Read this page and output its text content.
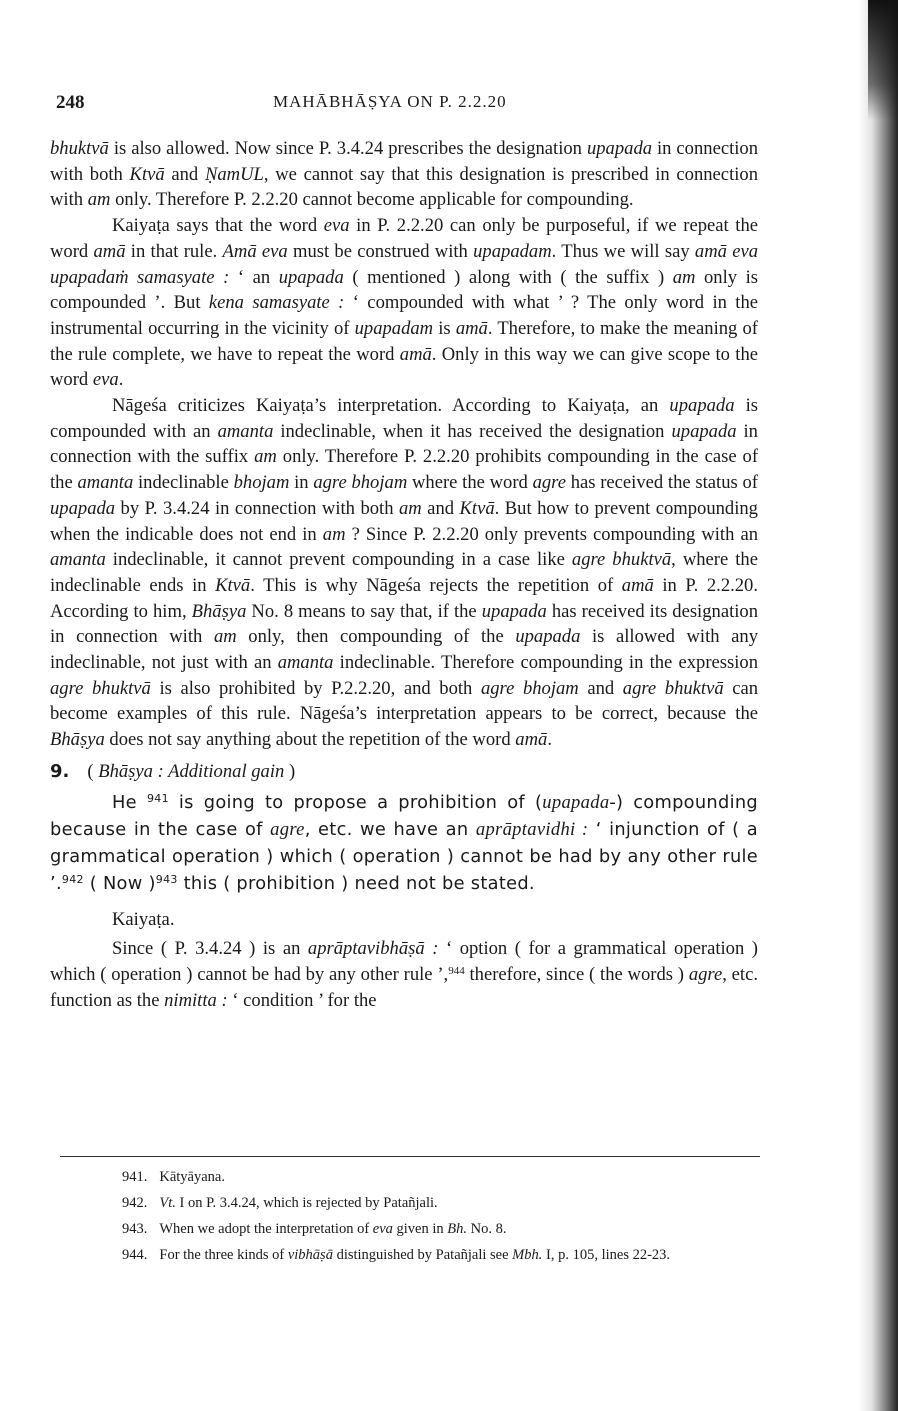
248	MAHĀBHĀṢYA ON P. 2.2.20

bhuktvā is also allowed. Now since P. 3.4.24 prescribes the designation upapada in connection with both Ktvā and ṆamUL, we cannot say that this designation is prescribed in connection with am only. Therefore P. 2.2.20 cannot become applicable for compounding.

Kaiyaṭa says that the word eva in P. 2.2.20 can only be purposeful, if we repeat the word amā in that rule. Amā eva must be construed with upapadam. Thus we will say amā eva upapadaṁ samasyate : ‘ an upapada ( mentioned ) along with ( the suffix ) am only is compounded ’. But kena samasyate : ‘ compounded with what ’ ? The only word in the instrumental occurring in the vicinity of upapadam is amā. Therefore, to make the meaning of the rule complete, we have to repeat the word amā. Only in this way we can give scope to the word eva.

Nāgeśa criticizes Kaiyaṭa’s interpretation. According to Kaiyaṭa, an upapada is compounded with an amanta indeclinable, when it has received the designation upapada in connection with the suffix am only. Therefore P. 2.2.20 prohibits compounding in the case of the amanta indeclinable bhojam in agre bhojam where the word agre has received the status of upapada by P. 3.4.24 in connection with both am and Ktvā. But how to prevent compounding when the indicable does not end in am ? Since P. 2.2.20 only prevents compounding with an amanta indeclinable, it cannot prevent compounding in a case like agre bhuktvā, where the indeclinable ends in Ktvā. This is why Nāgeśa rejects the repetition of amā in P. 2.2.20. According to him, Bhāṣya No. 8 means to say that, if the upapada has received its designation in connection with am only, then compounding of the upapada is allowed with any indeclinable, not just with an amanta indeclinable. Therefore compounding in the expression agre bhuktvā is also prohibited by P.2.2.20, and both agre bhojam and agre bhuktvā can become examples of this rule. Nāgeśa’s interpretation appears to be correct, because the Bhāṣya does not say anything about the repetition of the word amā.

9. ( Bhāṣya : Additional gain )

He $^{941}$ is going to propose a prohibition of (upapada-) compounding because in the case of agre, etc. we have an aprāptavidhi : ‘ injunction of ( a grammatical operation ) which ( operation ) cannot be had by any other rule ’.$^{942}$ ( Now )$^{943}$ this ( prohibition ) need not be stated.

Kaiyaṭa.

Since ( P. 3.4.24 ) is an aprāptavibhāṣā : ‘ option ( for a grammatical operation ) which ( operation ) cannot be had by any other rule ’,$^{944}$ therefore, since ( the words ) agre, etc. function as the nimitta : ‘ condition ’ for the

941. Kātyāyana.

942. Vt. I on P. 3.4.24, which is rejected by Patañjali.

943. When we adopt the interpretation of eva given in Bh. No. 8.

944. For the three kinds of vibhāṣā distinguished by Patañjali see Mbh. I, p. 105, lines 22-23.
